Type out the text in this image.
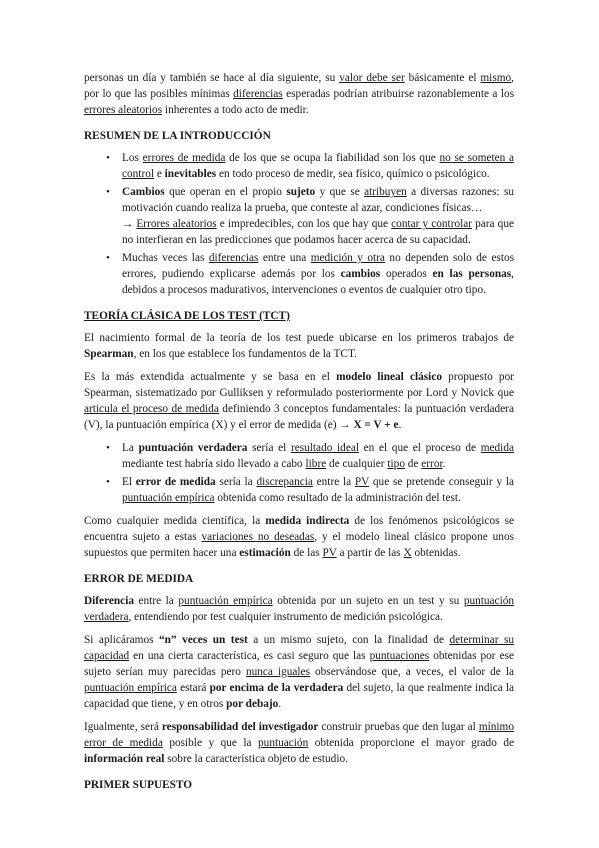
personas un día y también se hace al día siguiente, su valor debe ser básicamente el mismo, por lo que las posibles mínimas diferencias esperadas podrían atribuirse razonablemente a los errores aleatorios inherentes a todo acto de medir.

RESUMEN DE LA INTRODUCCIÓN
• Los errores de medida de los que se ocupa la fiabilidad son los que no se someten a control e inevitables en todo proceso de medir, sea físico, químico o psicológico.
• Cambios que operan en el propio sujeto y que se atribuyen a diversas razones: su motivación cuando realiza la prueba, que conteste al azar, condiciones físicas…
→ Errores aleatorios e impredecibles, con los que hay que contar y controlar para que no interfieran en las predicciones que podamos hacer acerca de su capacidad.
• Muchas veces las diferencias entre una medición y otra no dependen solo de estos errores, pudiendo explicarse además por los cambios operados en las personas, debidos a procesos madurativos, intervenciones o eventos de cualquier otro tipo.
TEORÍA CLÁSICA DE LOS TEST (TCT)

El nacimiento formal de la teoría de los test puede ubicarse en los primeros trabajos de Spearman, en los que establece los fundamentos de la TCT.

Es la más extendida actualmente y se basa en el modelo lineal clásico propuesto por Spearman, sistematizado por Gulliksen y reformulado posteriormente por Lord y Novick que articula el proceso de medida definiendo 3 conceptos fundamentales: la puntuación verdadera (V), la puntuación empírica (X) y el error de medida (e) → X = V + e.

• La puntuación verdadera sería el resultado ideal en el que el proceso de medida mediante test habría sido llevado a cabo libre de cualquier tipo de error.
• El error de medida sería la discrepancia entre la PV que se pretende conseguir y la puntuación empírica obtenida como resultado de la administración del test.

Como cualquier medida científica, la medida indirecta de los fenómenos psicológicos se encuentra sujeto a estas variaciones no deseadas, y el modelo lineal clásico propone unos supuestos que permiten hacer una estimación de las PV a partir de las X obtenidas.

ERROR DE MEDIDA

Diferencia entre la puntuación empírica obtenida por un sujeto en un test y su puntuación verdadera, entendiendo por test cualquier instrumento de medición psicológica.

Si aplicáramos “n” veces un test a un mismo sujeto, con la finalidad de determinar su capacidad en una cierta característica, es casi seguro que las puntuaciones obtenidas por ese sujeto serían muy parecidas pero nunca iguales observándose que, a veces, el valor de la puntuación empírica estará por encima de la verdadera del sujeto, la que realmente indica la capacidad que tiene, y en otros por debajo.

Igualmente, será responsabilidad del investigador construir pruebas que den lugar al mínimo error de medida posible y que la puntuación obtenida proporcione el mayor grado de información real sobre la característica objeto de estudio.

PRIMER SUPUESTO
